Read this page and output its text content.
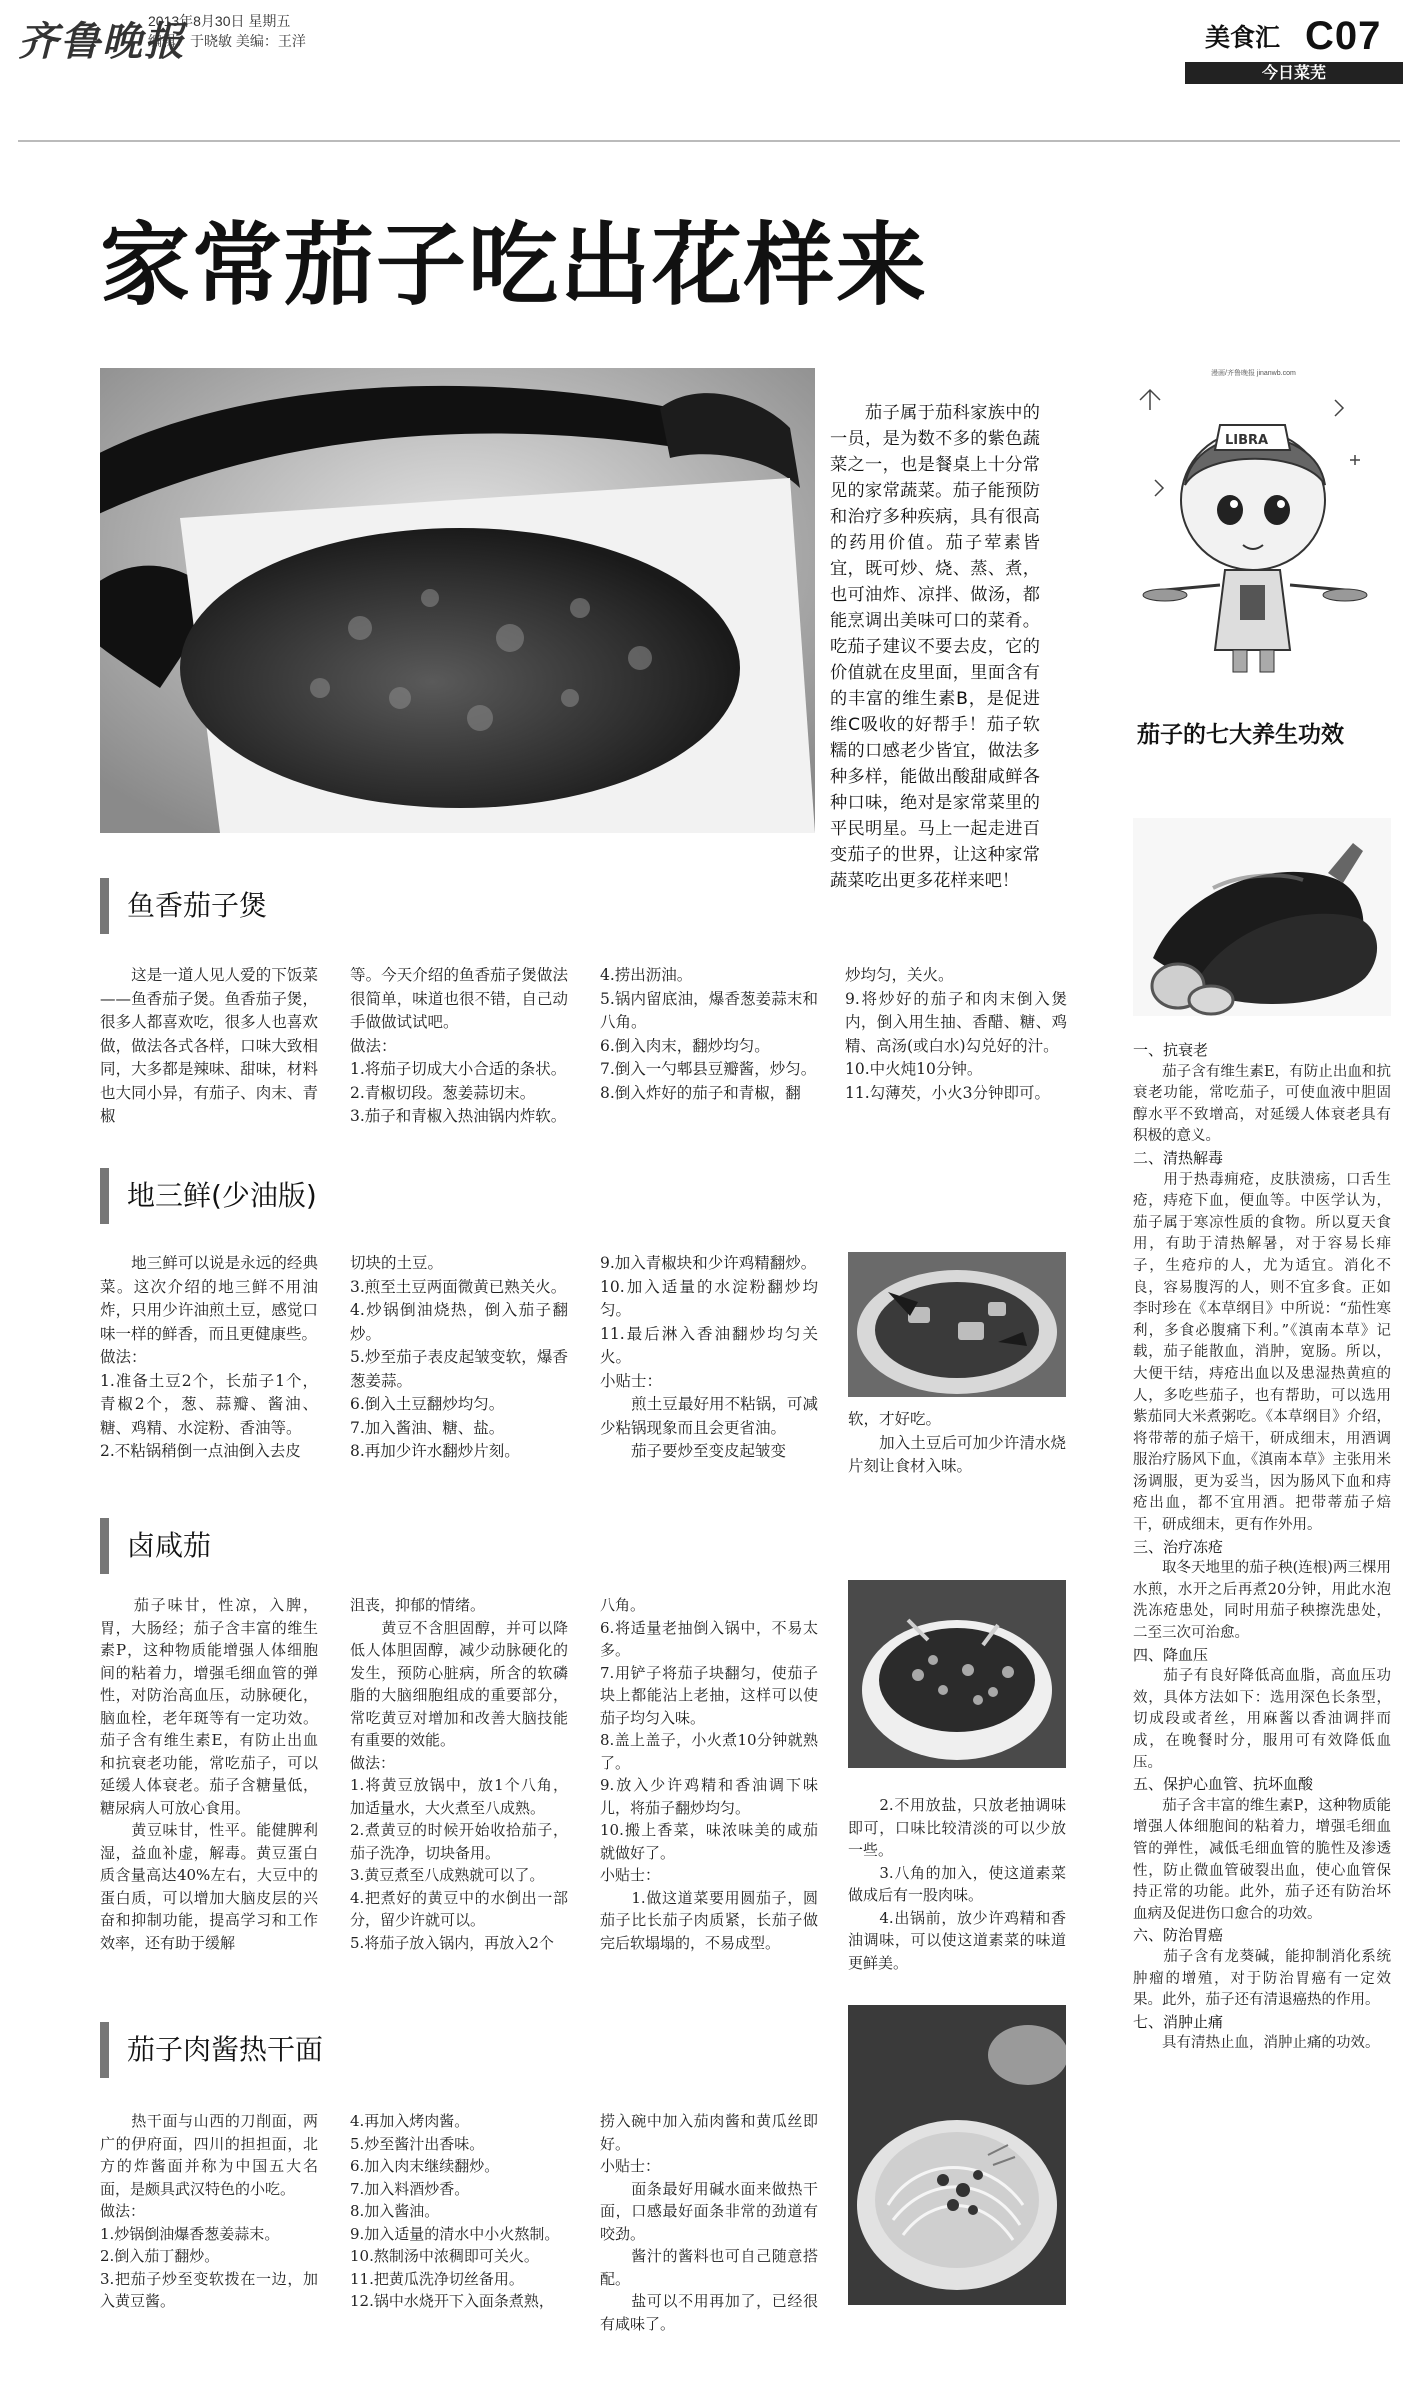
齐鲁晚报
2013年8月30日 星期五
编辑：于晓敏 美编：王洋	美食汇 C07
今日菜芜
家常茄子吃出花样来
　　茄子属于茄科家族中的一员，是为数不多的紫色蔬菜之一，也是餐桌上十分常见的家常蔬菜。茄子能预防和治疗多种疾病，具有很高的药用价值。茄子荤素皆宜，既可炒、烧、蒸、煮，也可油炸、凉拌、做汤，都能烹调出美味可口的菜肴。吃茄子建议不要去皮，它的价值就在皮里面，里面含有的丰富的维生素B，是促进维C吸收的好帮手！茄子软糯的口感老少皆宜，做法多种多样，能做出酸甜咸鲜各种口味，绝对是家常菜里的平民明星。马上一起走进百变茄子的世界，让这种家常蔬菜吃出更多花样来吧！
LIBRA
漫画/齐鲁晚报 jinanwb.com
茄子的七大养生功效
一、抗衰老
　　茄子含有维生素E，有防止出血和抗衰老功能，常吃茄子，可使血液中胆固醇水平不致增高，对延缓人体衰老具有积极的意义。
二、清热解毒
　　用于热毒痈疮，皮肤溃疡，口舌生疮，痔疮下血，便血等。中医学认为，茄子属于寒凉性质的食物。所以夏天食用，有助于清热解暑，对于容易长痱子，生疮疖的人，尤为适宜。消化不良，容易腹泻的人，则不宜多食。正如李时珍在《本草纲目》中所说：“茄性寒利，多食必腹痛下利。”《滇南本草》记载，茄子能散血，消肿，宽肠。所以，大便干结，痔疮出血以及患湿热黄疸的人，多吃些茄子，也有帮助，可以选用紫茄同大米煮粥吃。《本草纲目》介绍，将带蒂的茄子焙干，研成细末，用酒调服治疗肠风下血，《滇南本草》主张用米汤调服，更为妥当，因为肠风下血和痔疮出血，都不宜用酒。把带蒂茄子焙干，研成细末，更有作外用。
三、治疗冻疮
　　取冬天地里的茄子秧(连根)两三棵用水煎，水开之后再煮20分钟，用此水泡洗冻疮患处，同时用茄子秧擦洗患处，二至三次可治愈。
四、降血压
　　茄子有良好降低高血脂，高血压功效，具体方法如下：选用深色长条型，切成段或者丝，用麻酱以香油调拌而成，在晚餐时分，服用可有效降低血压。
五、保护心血管、抗坏血酸
　　茄子含丰富的维生素P，这种物质能增强人体细胞间的粘着力，增强毛细血管的弹性，减低毛细血管的脆性及渗透性，防止微血管破裂出血，使心血管保持正常的功能。此外，茄子还有防治坏血病及促进伤口愈合的功效。
六、防治胃癌
　　茄子含有龙葵碱，能抑制消化系统肿瘤的增殖，对于防治胃癌有一定效果。此外，茄子还有清退癌热的作用。
七、消肿止痛
　　具有清热止血，消肿止痛的功效。
鱼香茄子煲
　　这是一道人见人爱的下饭菜——鱼香茄子煲。鱼香茄子煲，很多人都喜欢吃，很多人也喜欢做，做法各式各样，口味大致相同，大多都是辣味、甜味，材料也大同小异，有茄子、肉末、青椒
等。今天介绍的鱼香茄子煲做法很简单，味道也很不错，自己动手做做试试吧。
做法：
1.将茄子切成大小合适的条状。
2.青椒切段。葱姜蒜切末。
3.茄子和青椒入热油锅内炸软。
4.捞出沥油。
5.锅内留底油，爆香葱姜蒜末和八角。
6.倒入肉末，翻炒均匀。
7.倒入一勺郫县豆瓣酱，炒匀。
8.倒入炸好的茄子和青椒，翻
炒均匀，关火。
9.将炒好的茄子和肉末倒入煲内，倒入用生抽、香醋、糖、鸡精、高汤(或白水)勾兑好的汁。
10.中火炖10分钟。
11.勾薄芡，小火3分钟即可。
地三鲜(少油版)
　　地三鲜可以说是永远的经典菜。这次介绍的地三鲜不用油炸，只用少许油煎土豆，感觉口味一样的鲜香，而且更健康些。
做法：
1.准备土豆2个，长茄子1个，青椒2个，葱、蒜瓣、酱油、糖、鸡精、水淀粉、香油等。
2.不粘锅稍倒一点油倒入去皮
切块的土豆。
3.煎至土豆两面微黄已熟关火。
4.炒锅倒油烧热，倒入茄子翻炒。
5.炒至茄子表皮起皱变软，爆香葱姜蒜。
6.倒入土豆翻炒均匀。
7.加入酱油、糖、盐。
8.再加少许水翻炒片刻。
9.加入青椒块和少许鸡精翻炒。
10.加入适量的水淀粉翻炒均匀。
11.最后淋入香油翻炒均匀关火。
小贴士：
　　煎土豆最好用不粘锅，可减少粘锅现象而且会更省油。
　　茄子要炒至变皮起皱变
软，才好吃。
　　加入土豆后可加少许清水烧片刻让食材入味。
卤咸茄
　　茄子味甘，性凉，入脾，胃，大肠经；茄子含丰富的维生素P，这种物质能增强人体细胞间的粘着力，增强毛细血管的弹性，对防治高血压，动脉硬化，脑血栓，老年斑等有一定功效。茄子含有维生素E，有防止出血和抗衰老功能，常吃茄子，可以延缓人体衰老。茄子含糖量低，糖尿病人可放心食用。
　　黄豆味甘，性平。能健脾利湿，益血补虚，解毒。黄豆蛋白质含量高达40%左右，大豆中的蛋白质，可以增加大脑皮层的兴奋和抑制功能，提高学习和工作效率，还有助于缓解
沮丧，抑郁的情绪。
　　黄豆不含胆固醇，并可以降低人体胆固醇，减少动脉硬化的发生，预防心脏病，所含的软磷脂的大脑细胞组成的重要部分，常吃黄豆对增加和改善大脑技能有重要的效能。
做法：
1.将黄豆放锅中，放1个八角，加适量水，大火煮至八成熟。
2.煮黄豆的时候开始收拾茄子，茄子洗净，切块备用。
3.黄豆煮至八成熟就可以了。
4.把煮好的黄豆中的水倒出一部分，留少许就可以。
5.将茄子放入锅内，再放入2个
八角。
6.将适量老抽倒入锅中，不易太多。
7.用铲子将茄子块翻匀，使茄子块上都能沾上老抽，这样可以使茄子均匀入味。
8.盖上盖子，小火煮10分钟就熟了。
9.放入少许鸡精和香油调下味儿，将茄子翻炒均匀。
10.搬上香菜，味浓味美的咸茄就做好了。
小贴士：
　　1.做这道菜要用圆茄子，圆茄子比长茄子肉质紧，长茄子做完后软塌塌的，不易成型。
　　2.不用放盐，只放老抽调味即可，口味比较清淡的可以少放一些。
　　3.八角的加入，使这道素菜做成后有一股肉味。
　　4.出锅前，放少许鸡精和香油调味，可以使这道素菜的味道更鲜美。
茄子肉酱热干面
　　热干面与山西的刀削面，两广的伊府面，四川的担担面，北方的炸酱面并称为中国五大名面，是颇具武汉特色的小吃。
做法：
1.炒锅倒油爆香葱姜蒜末。
2.倒入茄丁翻炒。
3.把茄子炒至变软拨在一边，加入黄豆酱。
4.再加入烤肉酱。
5.炒至酱汁出香味。
6.加入肉末继续翻炒。
7.加入料酒炒香。
8.加入酱油。
9.加入适量的清水中小火熬制。
10.熬制汤中浓稠即可关火。
11.把黄瓜洗净切丝备用。
12.锅中水烧开下入面条煮熟，
捞入碗中加入茄肉酱和黄瓜丝即好。
小贴士：
　　面条最好用碱水面来做热干面，口感最好面条非常的劲道有咬劲。
　　酱汁的酱料也可自己随意搭配。
　　盐可以不用再加了，已经很有咸味了。
